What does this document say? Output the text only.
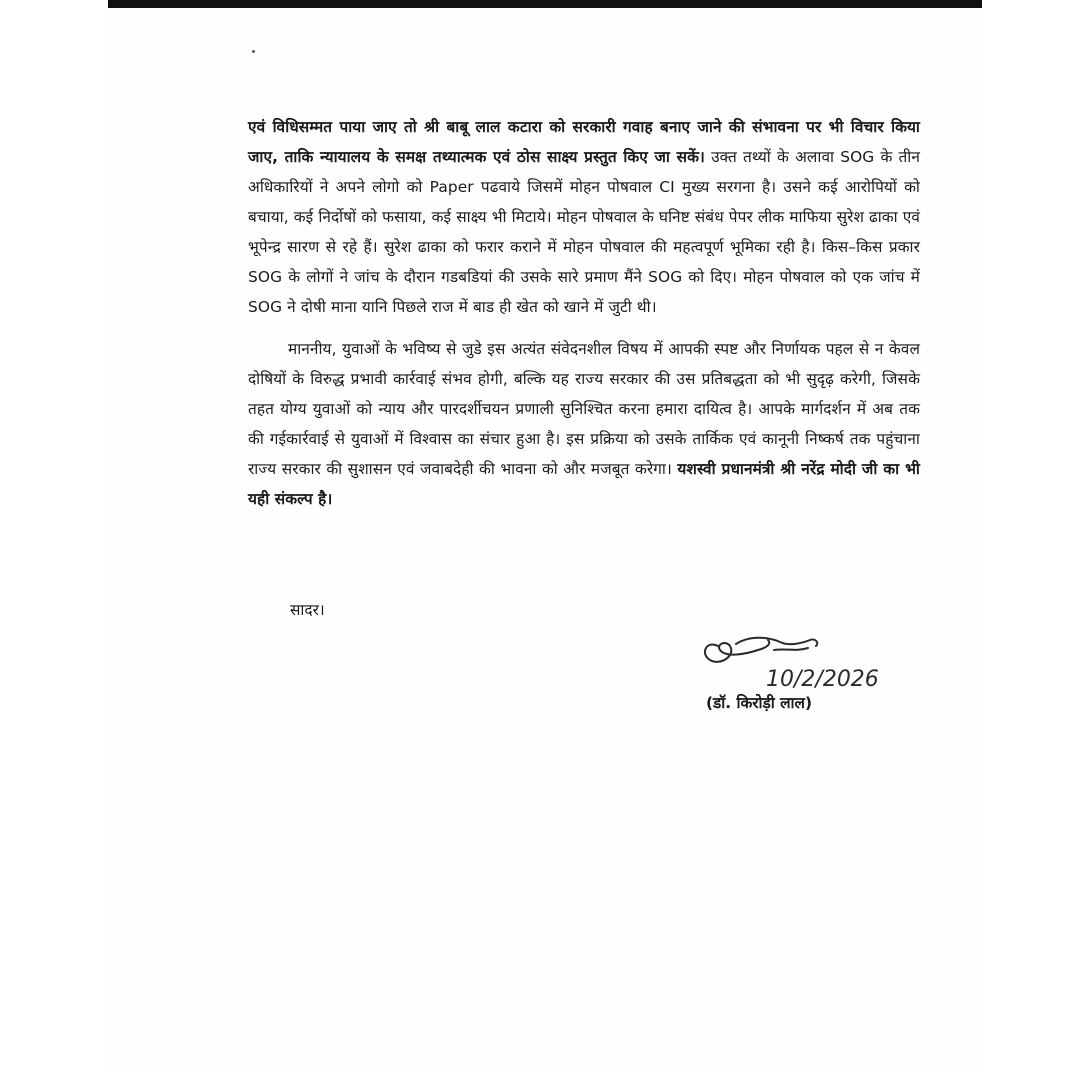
एवं विधिसम्मत पाया जाए तो श्री बाबू लाल कटारा को सरकारी गवाह बनाए जाने की संभावना पर भी विचार किया जाए, ताकि न्यायालय के समक्ष तथ्यात्मक एवं ठोस साक्ष्य प्रस्तुत किए जा सकें। उक्त तथ्यों के अलावा SOG के तीन अधिकारियों ने अपने लोगो को Paper पढवाये जिसमें मोहन पोषवाल CI मुख्य सरगना है। उसने कई आरोपियों को बचाया, कई निर्दोषों को फसाया, कई साक्ष्य भी मिटाये। मोहन पोषवाल के घनिष्ट संबंध पेपर लीक माफिया सुरेश ढाका एवं भूपेन्द्र सारण से रहे हैं। सुरेश ढाका को फरार कराने में मोहन पोषवाल की महत्वपूर्ण भूमिका रही है। किस–किस प्रकार SOG के लोगों ने जांच के दौरान गडबडियां की उसके सारे प्रमाण मैंने SOG को दिए। मोहन पोषवाल को एक जांच में SOG ने दोषी माना यानि पिछले राज में बाड ही खेत को खाने में जुटी थी।

माननीय, युवाओं के भविष्य से जुडे इस अत्यंत संवेदनशील विषय में आपकी स्पष्ट और निर्णायक पहल से न केवल दोषियों के विरुद्ध प्रभावी कार्रवाई संभव होगी, बल्कि यह राज्य सरकार की उस प्रतिबद्धता को भी सुदृढ़ करेगी, जिसके तहत योग्य युवाओं को न्याय और पारदर्शीचयन प्रणाली सुनिश्चित करना हमारा दायित्व है। आपके मार्गदर्शन में अब तक की गईकार्रवाई से युवाओं में विश्वास का संचार हुआ है। इस प्रक्रिया को उसके तार्किक एवं कानूनी निष्कर्ष तक पहुंचाना राज्य सरकार की सुशासन एवं जवाबदेही की भावना को और मजबूत करेगा। यशस्वी प्रधानमंत्री श्री नरेंद्र मोदी जी का भी यही संकल्प है।

सादर।
10/2/2026
(डॉ. किरोड़ी लाल)
